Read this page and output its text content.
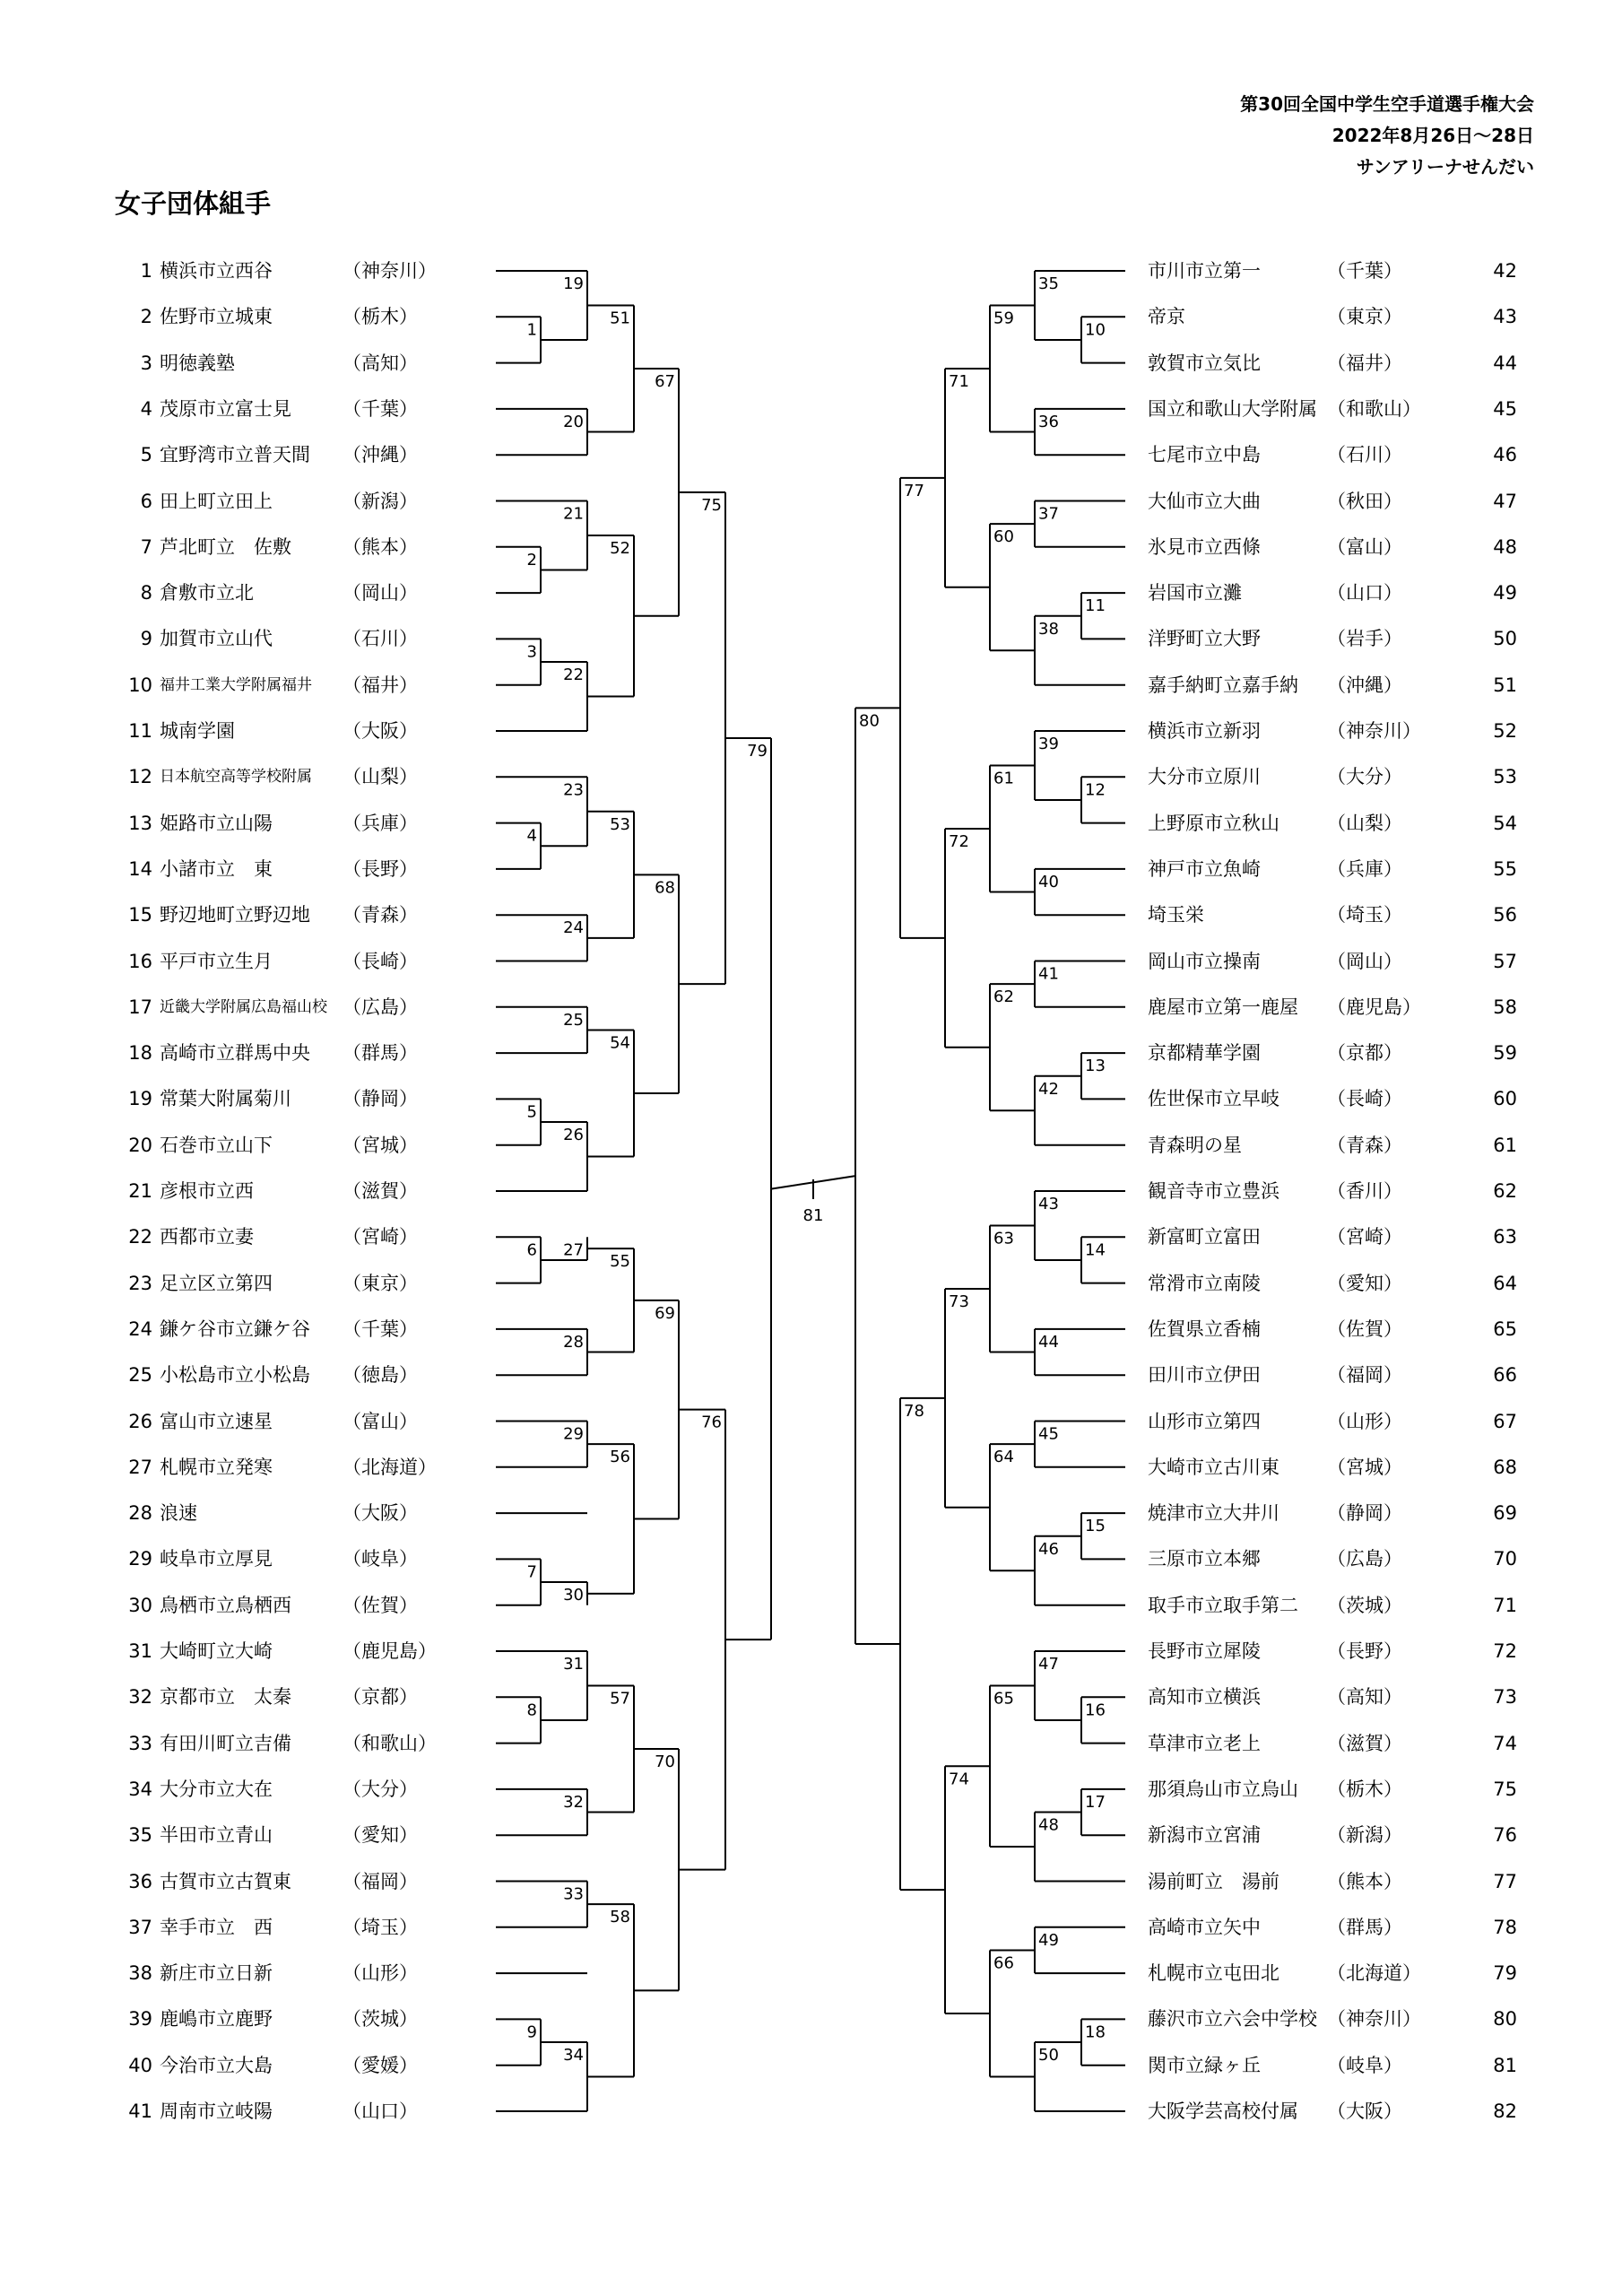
第30回全国中学生空手道選手権大会
2022年8月26日～28日
サンアリーナせんだい
女子団体組手
1 横浜市立西谷	（神奈川）
2 佐野市立城東	（栃木）
3 明徳義塾	（高知）
4 茂原市立富士見	（千葉）
5 宜野湾市立普天間 （沖縄）
6 田上町立田上	（新潟）
7 芦北町立　佐敷	（熊本）
8 倉敷市立北	（岡山）
9 加賀市立山代	（石川）
10 福井工業大学附属福井 （福井）
11 城南学園	（大阪）
12 日本航空高等学校附属 （山梨）
13 姫路市立山陽	（兵庫）
14 小諸市立　東	（長野）
15 野辺地町立野辺地 （青森）
16 平戸市立生月	（長崎）
17 近畿大学附属広島福山校 （広島）
18 高崎市立群馬中央 （群馬）
19 常葉大附属菊川	（静岡）
20 石巻市立山下	（宮城）
21 彦根市立西	（滋賀）
22 西都市立妻	（宮崎）
23 足立区立第四	（東京）
24 鎌ケ谷市立鎌ケ谷 （千葉）
25 小松島市立小松島 （徳島）
26 富山市立速星	（富山）
27 札幌市立発寒	（北海道）
28 浪速	（大阪）
29 岐阜市立厚見	（岐阜）
30 鳥栖市立鳥栖西	（佐賀）
31 大崎町立大崎	（鹿児島）
32 京都市立　太秦	（京都）
33 有田川町立吉備	（和歌山）
34 大分市立大在	（大分）
35 半田市立青山	（愛知）
36 古賀市立古賀東	（福岡）
37 幸手市立　西	（埼玉）
38 新庄市立日新	（山形）
39 鹿嶋市立鹿野	（茨城）
40 今治市立大島	（愛媛）
41 周南市立岐陽	（山口）
市川市立第一	（千葉）	42
帝京	（東京）	43
敦賀市立気比	（福井）	44
国立和歌山大学附属 （和歌山）	45
七尾市立中島	（石川）	46
大仙市立大曲	（秋田）	47
氷見市立西條	（富山）	48
岩国市立灘	（山口）	49
洋野町立大野	（岩手）	50
嘉手納町立嘉手納 （沖縄）	51
横浜市立新羽	（神奈川）	52
大分市立原川	（大分）	53
上野原市立秋山	（山梨）	54
神戸市立魚崎	（兵庫）	55
埼玉栄	（埼玉）	56
岡山市立操南	（岡山）	57
鹿屋市立第一鹿屋 （鹿児島）	58
京都精華学園	（京都）	59
佐世保市立早岐	（長崎）	60
青森明の星	（青森）	61
観音寺市立豊浜	（香川）	62
新富町立富田	（宮崎）	63
常滑市立南陵	（愛知）	64
佐賀県立香楠	（佐賀）	65
田川市立伊田	（福岡）	66
山形市立第四	（山形）	67
大崎市立古川東	（宮城）	68
焼津市立大井川	（静岡）	69
三原市立本郷	（広島）	70
取手市立取手第二 （茨城）	71
長野市立犀陵	（長野）	72
高知市立横浜	（高知）	73
草津市立老上	（滋賀）	74
那須烏山市立烏山 （栃木）	75
新潟市立宮浦	（新潟）	76
湯前町立　湯前	（熊本）	77
高崎市立矢中	（群馬）	78
札幌市立屯田北	（北海道）	79
藤沢市立六会中学校 （神奈川）	80
関市立緑ヶ丘	（岐阜）	81
大阪学芸高校付属 （大阪）	82
1
2
3
4
5
6
7
8
9
19
20
21
22
23
24
25
26
27
28
29
30
31
32
33
34
51
52
53
54
55
56
57
58
67
68
69
70
75
76
79
10
11
12
13
14
15
16
17
18
35
36
37
38
39
40
41
42
43
44
45
46
47
48
49
50
59
60
61
62
63
64
65
66
71
72
73
74
77
78
80
81
